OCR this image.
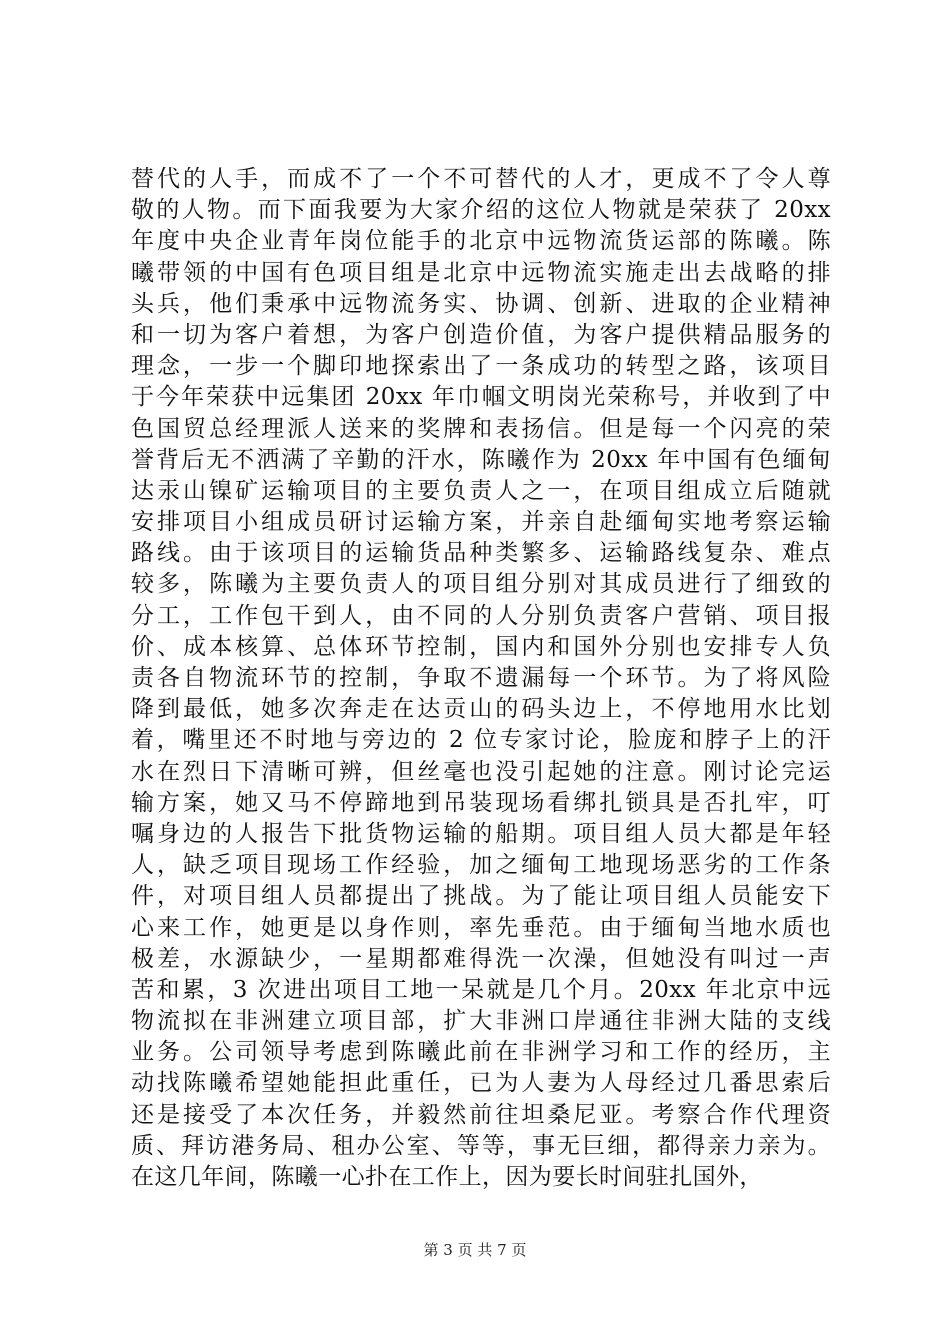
替代的人手，而成不了一个不可替代的人才，更成不了令人尊
敬的人物。而下面我要为大家介绍的这位人物就是荣获了 20xx
年度中央企业青年岗位能手的北京中远物流货运部的陈曦。陈
曦带领的中国有色项目组是北京中远物流实施走出去战略的排
头兵，他们秉承中远物流务实、协调、创新、进取的企业精神
和一切为客户着想，为客户创造价值，为客户提供精品服务的
理念，一步一个脚印地探索出了一条成功的转型之路，该项目
于今年荣获中远集团 20xx 年巾帼文明岗光荣称号，并收到了中
色国贸总经理派人送来的奖牌和表扬信。但是每一个闪亮的荣
誉背后无不洒满了辛勤的汗水，陈曦作为 20xx 年中国有色缅甸
达汞山镍矿运输项目的主要负责人之一，在项目组成立后随就
安排项目小组成员研讨运输方案，并亲自赴缅甸实地考察运输
路线。由于该项目的运输货品种类繁多、运输路线复杂、难点
较多，陈曦为主要负责人的项目组分别对其成员进行了细致的
分工，工作包干到人，由不同的人分别负责客户营销、项目报
价、成本核算、总体环节控制，国内和国外分别也安排专人负
责各自物流环节的控制，争取不遗漏每一个环节。为了将风险
降到最低，她多次奔走在达贡山的码头边上，不停地用水比划
着，嘴里还不时地与旁边的 2 位专家讨论，脸庞和脖子上的汗
水在烈日下清晰可辨，但丝毫也没引起她的注意。刚讨论完运
输方案，她又马不停蹄地到吊装现场看绑扎锁具是否扎牢，叮
嘱身边的人报告下批货物运输的船期。项目组人员大都是年轻
人，缺乏项目现场工作经验，加之缅甸工地现场恶劣的工作条
件，对项目组人员都提出了挑战。为了能让项目组人员能安下
心来工作，她更是以身作则，率先垂范。由于缅甸当地水质也
极差，水源缺少，一星期都难得洗一次澡，但她没有叫过一声
苦和累，3 次进出项目工地一呆就是几个月。20xx 年北京中远
物流拟在非洲建立项目部，扩大非洲口岸通往非洲大陆的支线
业务。公司领导考虑到陈曦此前在非洲学习和工作的经历，主
动找陈曦希望她能担此重任，已为人妻为人母经过几番思索后
还是接受了本次任务，并毅然前往坦桑尼亚。考察合作代理资
质、拜访港务局、租办公室、等等，事无巨细，都得亲力亲为。
在这几年间，陈曦一心扑在工作上，因为要长时间驻扎国外，
第 3 页 共 7 页
